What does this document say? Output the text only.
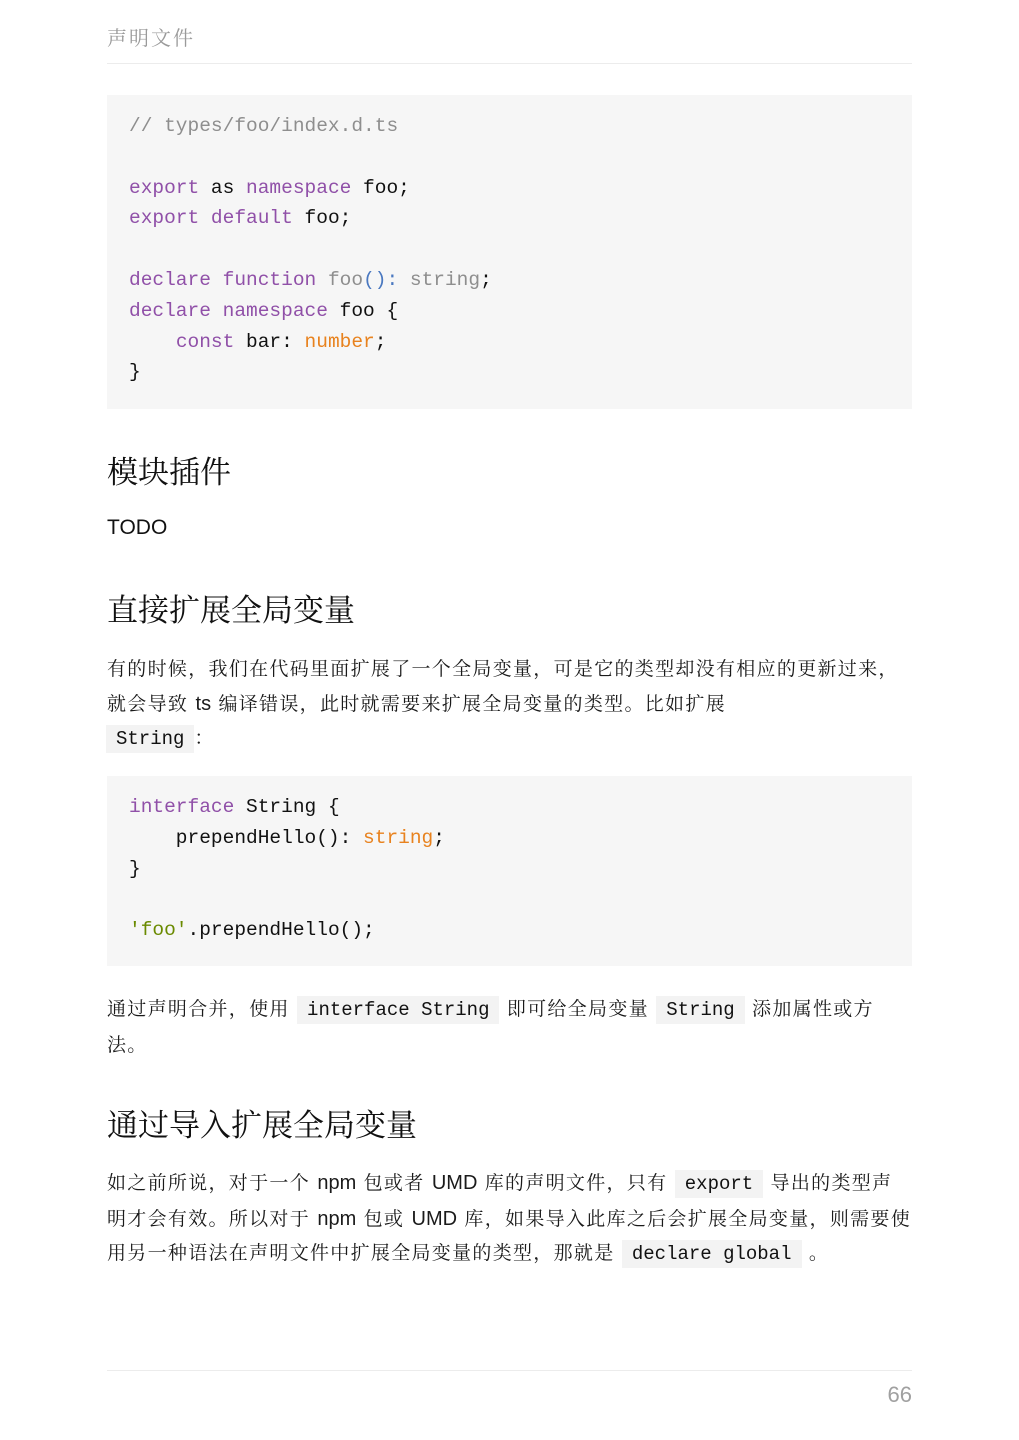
声明文件
// types/foo/index.d.ts

export as namespace foo;
export default foo;

declare function foo(): string;
declare namespace foo {
const bar: number;
}
模块插件

TODO

直接扩展全局变量

有的时候，我们在代码里面扩展了一个全局变量，可是它的类型却没有相应的更新过来，就会导致 ts 编译错误，此时就需要来扩展全局变量的类型。比如扩展
String ：

interface String {
prependHello(): string;
}

'foo'.prependHello();

通过声明合并，使用 interface String 即可给全局变量 String 添加属性或方法。

通过导入扩展全局变量

如之前所说，对于一个 npm 包或者 UMD 库的声明文件，只有 export 导出的类型声明才会有效。所以对于 npm 包或 UMD 库，如果导入此库之后会扩展全局变量，则需要使用另一种语法在声明文件中扩展全局变量的类型，那就是 declare global 。

66
